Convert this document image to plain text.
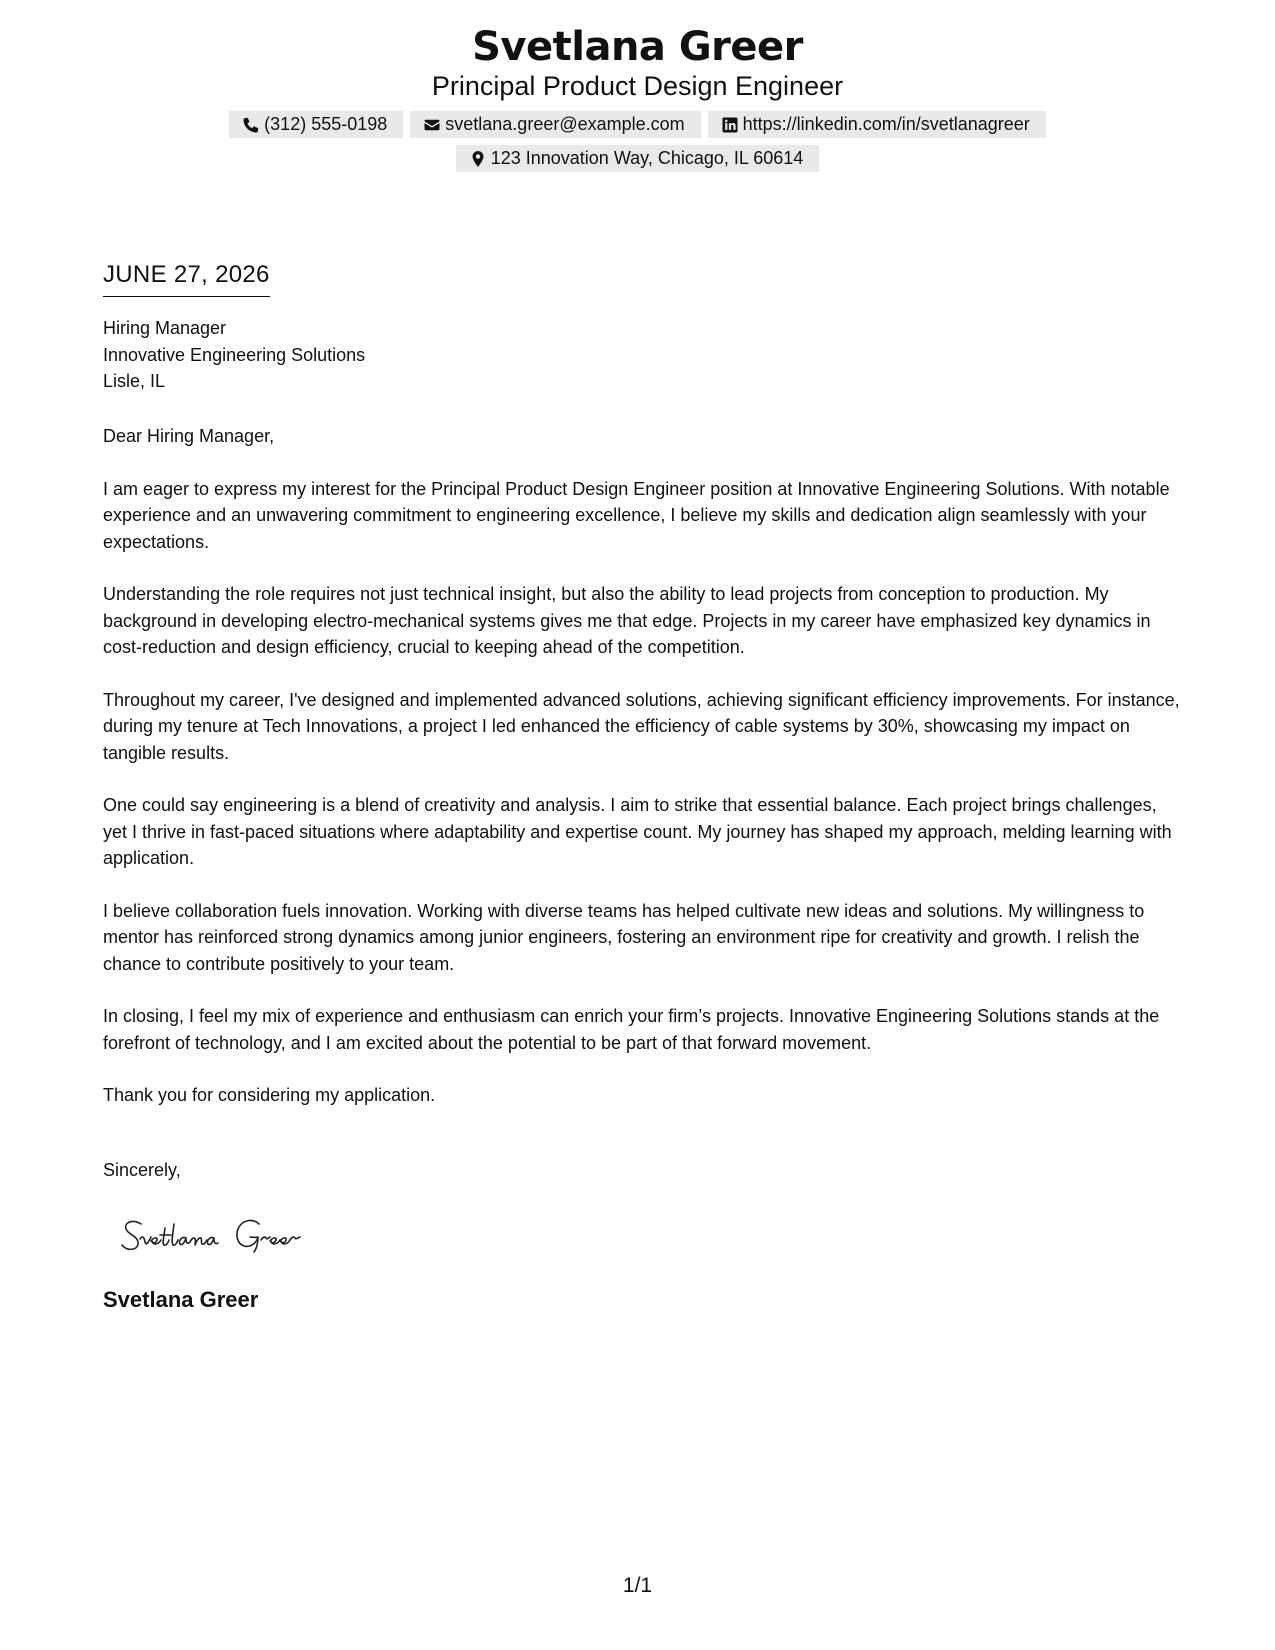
Svetlana Greer
Principal Product Design Engineer
(312) 555-0198	svetlana.greer@example.com	https://linkedin.com/in/svetlanagreer
123 Innovation Way, Chicago, IL 60614
JUNE 27, 2026
Hiring Manager
Innovative Engineering Solutions
Lisle, IL
Dear Hiring Manager,
I am eager to express my interest for the Principal Product Design Engineer position at Innovative Engineering Solutions. With notable experience and an unwavering commitment to engineering excellence, I believe my skills and dedication align seamlessly with your expectations.
Understanding the role requires not just technical insight, but also the ability to lead projects from conception to production. My background in developing electro-mechanical systems gives me that edge. Projects in my career have emphasized key dynamics in cost-reduction and design efficiency, crucial to keeping ahead of the competition.
Throughout my career, I've designed and implemented advanced solutions, achieving significant efficiency improvements. For instance, during my tenure at Tech Innovations, a project I led enhanced the efficiency of cable systems by 30%, showcasing my impact on tangible results.
One could say engineering is a blend of creativity and analysis. I aim to strike that essential balance. Each project brings challenges, yet I thrive in fast-paced situations where adaptability and expertise count. My journey has shaped my approach, melding learning with application.
I believe collaboration fuels innovation. Working with diverse teams has helped cultivate new ideas and solutions. My willingness to mentor has reinforced strong dynamics among junior engineers, fostering an environment ripe for creativity and growth. I relish the chance to contribute positively to your team.
In closing, I feel my mix of experience and enthusiasm can enrich your firm’s projects. Innovative Engineering Solutions stands at the forefront of technology, and I am excited about the potential to be part of that forward movement.
Thank you for considering my application.
Sincerely,
Svetlana Greer
1/1
